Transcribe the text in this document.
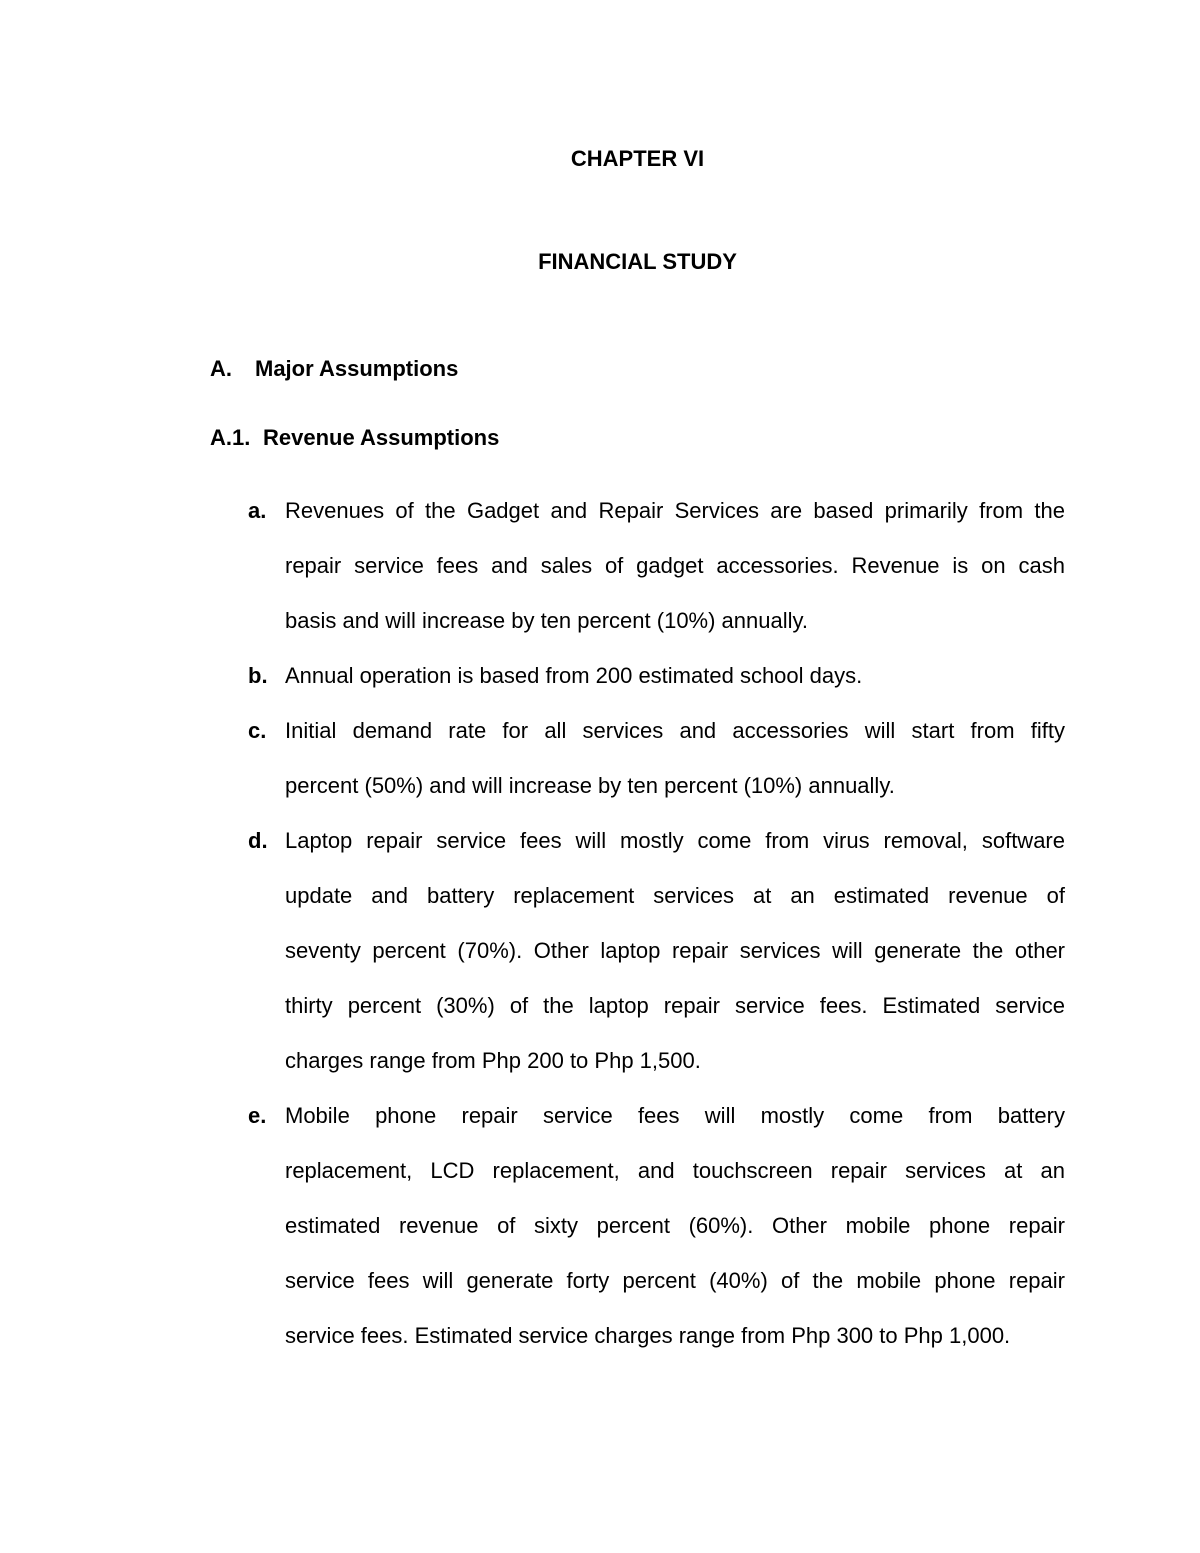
CHAPTER VI
FINANCIAL STUDY
A. Major Assumptions
A.1. Revenue Assumptions
a. Revenues of the Gadget and Repair Services are based primarily from the
repair service fees and sales of gadget accessories. Revenue is on cash
basis and will increase by ten percent (10%) annually.
b. Annual operation is based from 200 estimated school days.
c. Initial demand rate for all services and accessories will start from fifty
percent (50%) and will increase by ten percent (10%) annually.
d. Laptop repair service fees will mostly come from virus removal, software
update and battery replacement services at an estimated revenue of
seventy percent (70%). Other laptop repair services will generate the other
thirty percent (30%) of the laptop repair service fees. Estimated service
charges range from Php 200 to Php 1,500.
e. Mobile phone repair service fees will mostly come from battery
replacement, LCD replacement, and touchscreen repair services at an
estimated revenue of sixty percent (60%). Other mobile phone repair
service fees will generate forty percent (40%) of the mobile phone repair
service fees. Estimated service charges range from Php 300 to Php 1,000.
